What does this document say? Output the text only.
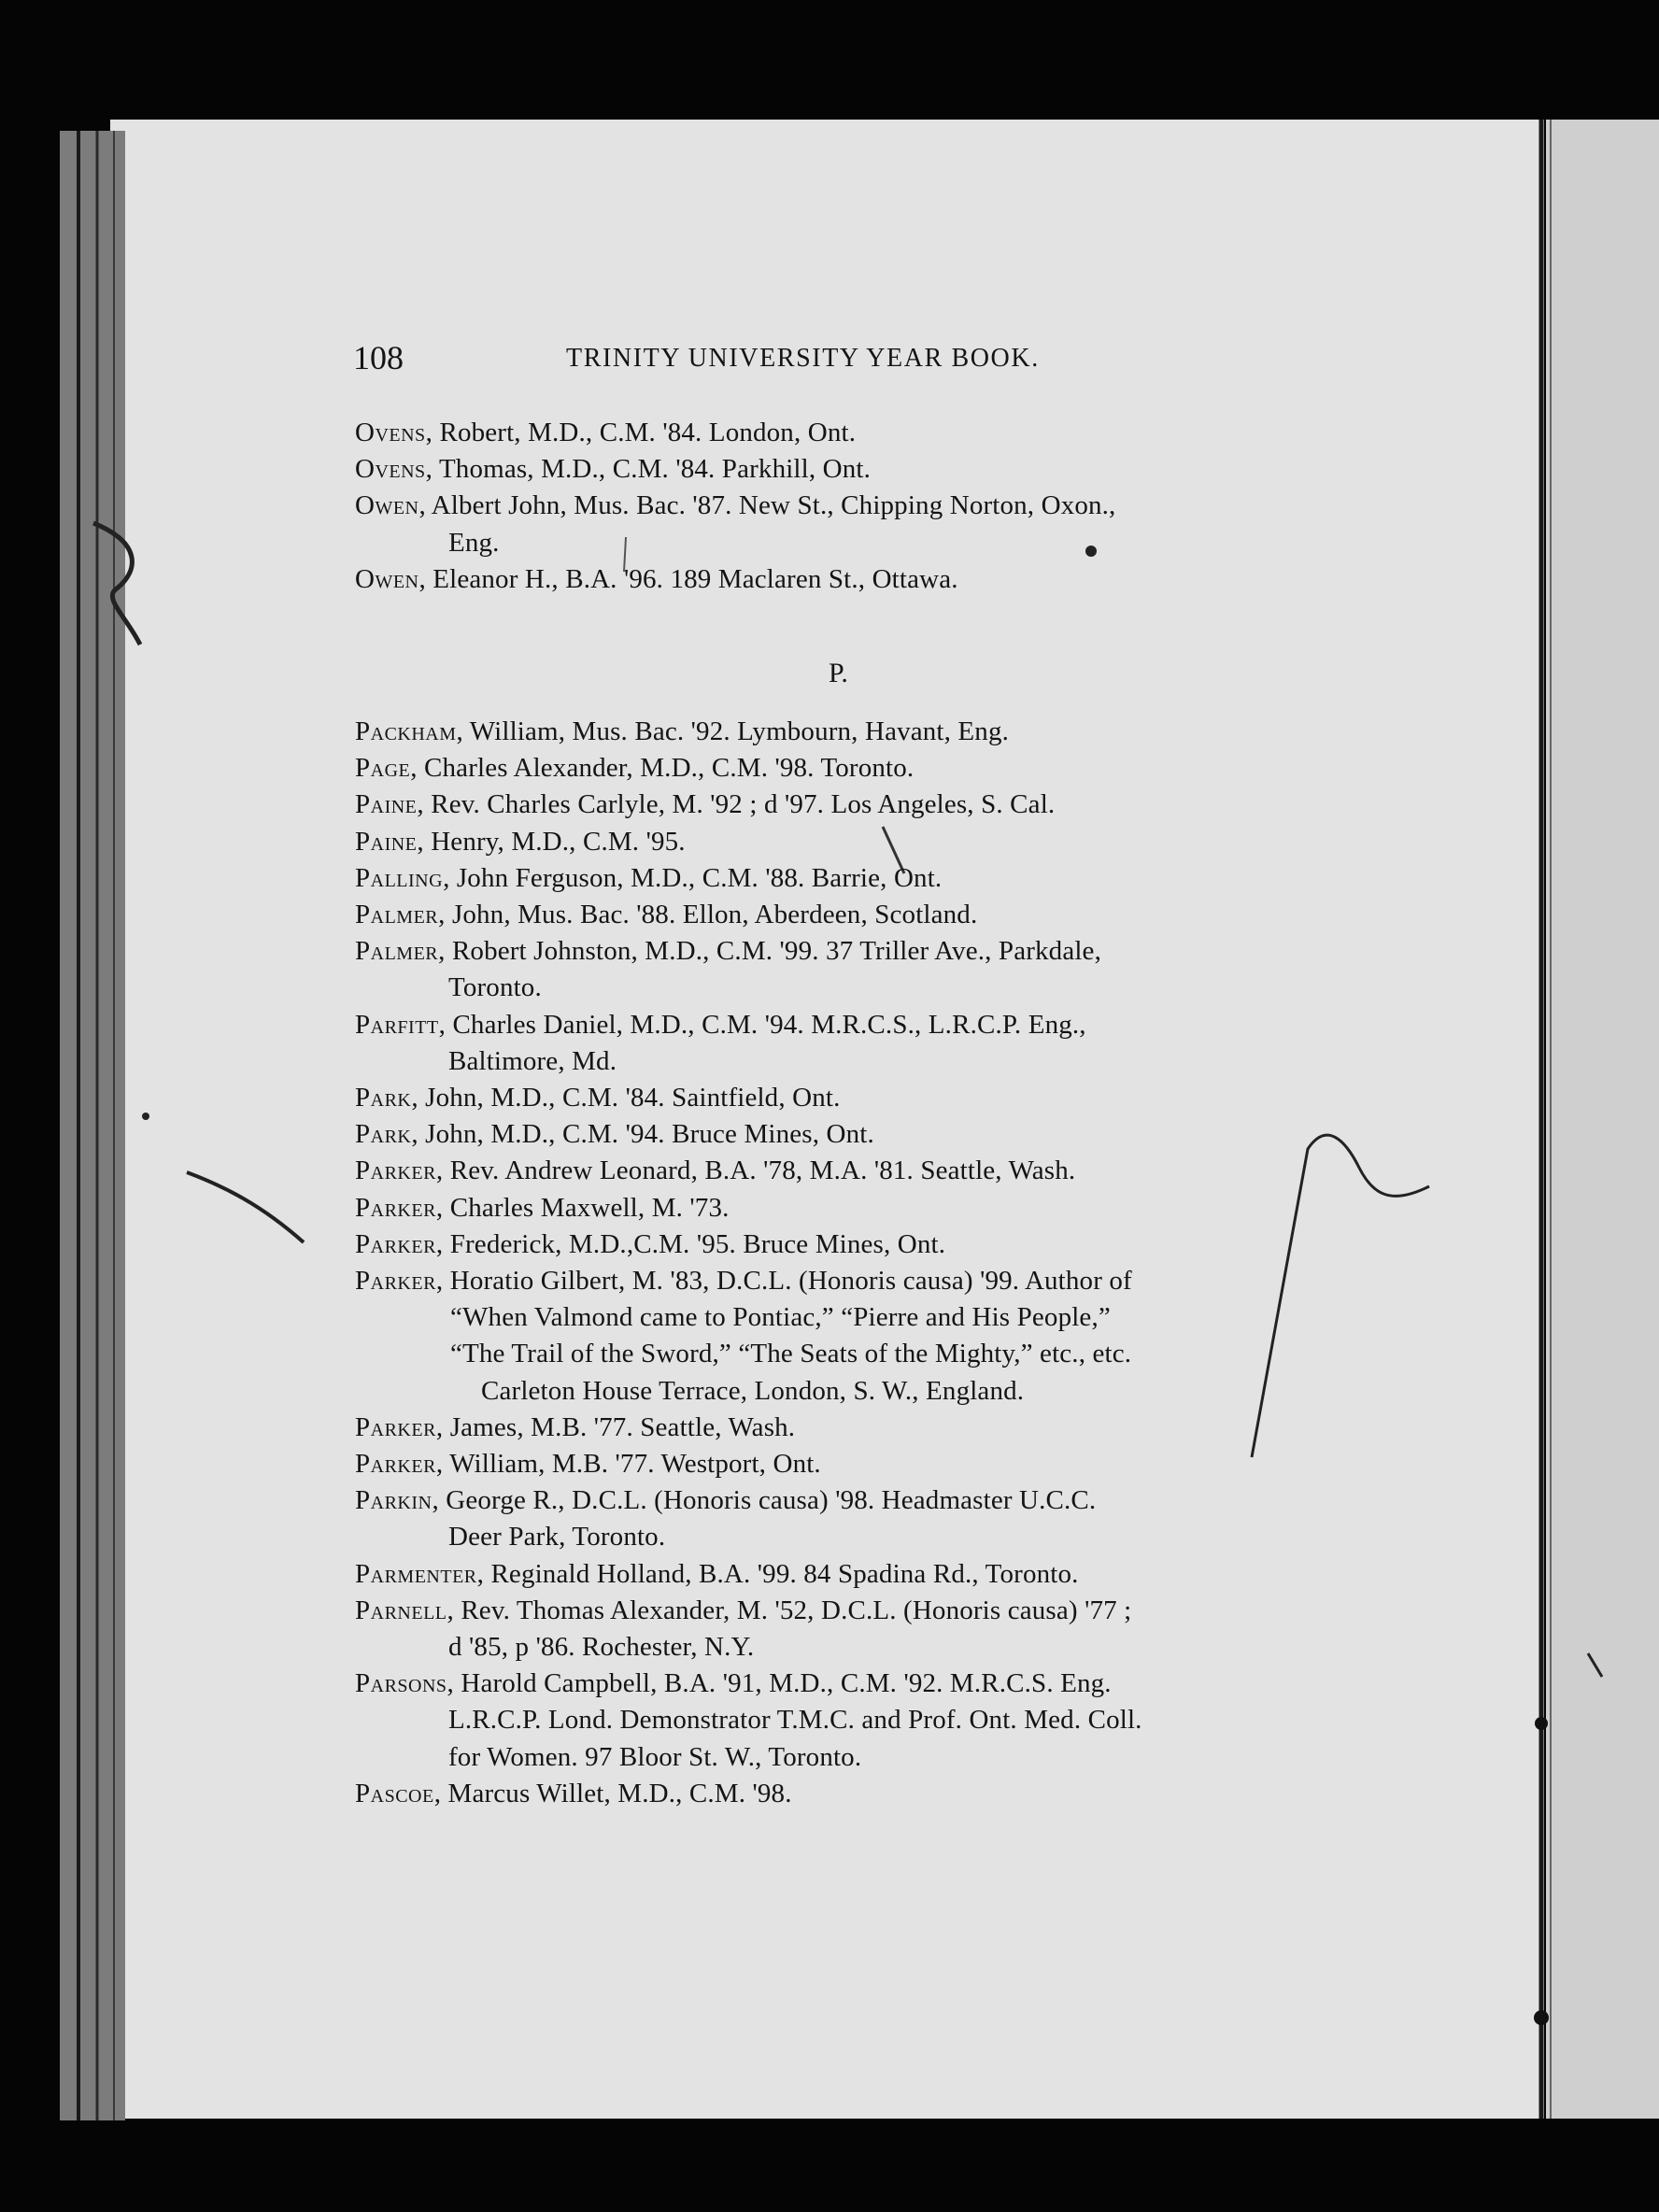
108	TRINITY UNIVERSITY YEAR BOOK.
P.
Ovens, Robert, M.D., C.M. '84. London, Ont.
Ovens, Thomas, M.D., C.M. '84. Parkhill, Ont.
Owen, Albert John, Mus. Bac. '87. New St., Chipping Norton, Oxon.,
Eng.
Owen, Eleanor H., B.A. '96. 189 Maclaren St., Ottawa.
Packham, William, Mus. Bac. '92. Lymbourn, Havant, Eng.
Page, Charles Alexander, M.D., C.M. '98. Toronto.
Paine, Rev. Charles Carlyle, M. '92 ; d '97. Los Angeles, S. Cal.
Paine, Henry, M.D., C.M. '95.
Palling, John Ferguson, M.D., C.M. '88. Barrie, Ont.
Palmer, John, Mus. Bac. '88. Ellon, Aberdeen, Scotland.
Palmer, Robert Johnston, M.D., C.M. '99. 37 Triller Ave., Parkdale,
Toronto.
Parfitt, Charles Daniel, M.D., C.M. '94. M.R.C.S., L.R.C.P. Eng.,
Baltimore, Md.
Park, John, M.D., C.M. '84. Saintfield, Ont.
Park, John, M.D., C.M. '94. Bruce Mines, Ont.
Parker, Rev. Andrew Leonard, B.A. '78, M.A. '81. Seattle, Wash.
Parker, Charles Maxwell, M. '73.
Parker, Frederick, M.D.,C.M. '95. Bruce Mines, Ont.
Parker, Horatio Gilbert, M. '83, D.C.L. (Honoris causa) '99. Author of
“When Valmond came to Pontiac,” “Pierre and His People,”
“The Trail of the Sword,” “The Seats of the Mighty,” etc., etc.
Carleton House Terrace, London, S. W., England.
Parker, James, M.B. '77. Seattle, Wash.
Parker, William, M.B. '77. Westport, Ont.
Parkin, George R., D.C.L. (Honoris causa) '98. Headmaster U.C.C.
Deer Park, Toronto.
Parmenter, Reginald Holland, B.A. '99. 84 Spadina Rd., Toronto.
Parnell, Rev. Thomas Alexander, M. '52, D.C.L. (Honoris causa) '77 ;
d '85, p '86. Rochester, N.Y.
Parsons, Harold Campbell, B.A. '91, M.D., C.M. '92. M.R.C.S. Eng.
L.R.C.P. Lond. Demonstrator T.M.C. and Prof. Ont. Med. Coll.
for Women. 97 Bloor St. W., Toronto.
Pascoe, Marcus Willet, M.D., C.M. '98.
